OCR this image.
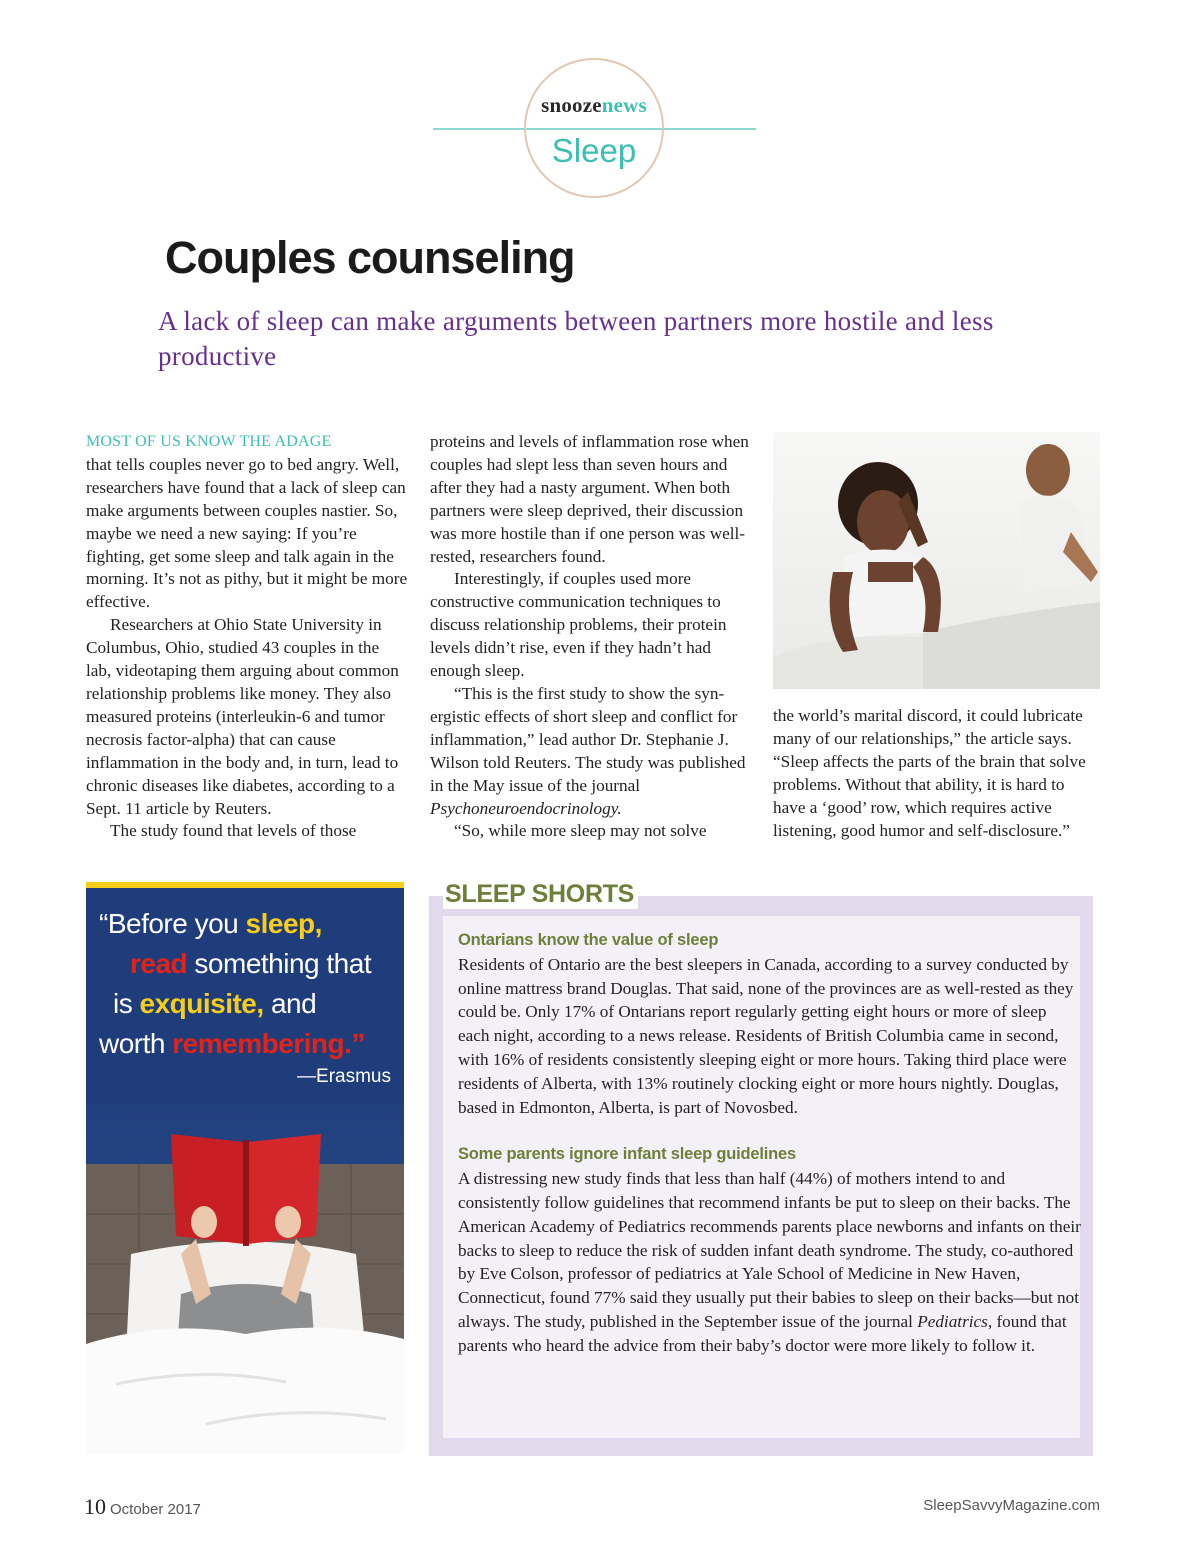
snoozenews
Sleep
Couples counseling
A lack of sleep can make arguments between partners more hostile and less productive
MOST OF US KNOW THE ADAGE

that tells couples never go to bed angry. Well, researchers have found that a lack of sleep can make arguments between couples nastier. So, maybe we need a new saying: If you’re fighting, get some sleep and talk again in the morning. It’s not as pithy, but it might be more effective.

Researchers at Ohio State University in Columbus, Ohio, studied 43 couples in the lab, videotaping them arguing about common relationship problems like money. They also measured proteins (interleukin-6 and tumor necrosis factor-alpha) that can cause inflammation in the body and, in turn, lead to chronic diseases like diabetes, according to a Sept. 11 article by Reuters.

The study found that levels of those

proteins and levels of inflammation rose when couples had slept less than seven hours and after they had a nasty argument. When both partners were sleep deprived, their discussion was more hostile than if one person was well-rested, researchers found.

Interestingly, if couples used more constructive communication techniques to discuss relationship problems, their protein levels didn’t rise, even if they hadn’t had enough sleep.

“This is the first study to show the synergistic effects of short sleep and conflict for inflammation,” lead author Dr. Stephanie J. Wilson told Reuters. The study was published in the May issue of the journal

Psychoneuroendocrinology.

“So, while more sleep may not solve

the world’s marital discord, it could lubricate many of our relationships,” the article says. “Sleep affects the parts of the brain that solve problems. Without that ability, it is hard to have a ‘good’ row, which requires active listening, good humor and self-disclosure.”

“Before you sleep,
read something that
is exquisite, and
worth remembering.”
—Erasmus
SLEEP SHORTS
Ontarians know the value of sleep
Residents of Ontario are the best sleepers in Canada, according to a survey conducted by online mattress brand Douglas. That said, none of the provinces are as well-rested as they could be. Only 17% of Ontarians report regularly getting eight hours or more of sleep each night, according to a news release. Residents of British Columbia came in second, with 16% of residents consistently sleeping eight or more hours. Taking third place were residents of Alberta, with 13% routinely clocking eight or more hours nightly. Douglas, based in Edmonton, Alberta, is part of Novosbed.
Some parents ignore infant sleep guidelines
A distressing new study finds that less than half (44%) of mothers intend to and consistently follow guidelines that recommend infants be put to sleep on their backs. The American Academy of Pediatrics recommends parents place newborns and infants on their backs to sleep to reduce the risk of sudden infant death syndrome. The study, co-authored by Eve Colson, professor of pediatrics at Yale School of Medicine in New Haven, Connecticut, found 77% said they usually put their babies to sleep on their backs—but not always. The study, published in the September issue of the journal Pediatrics, found that parents who heard the advice from their baby’s doctor were more likely to follow it.
10 October 2017	SleepSavvyMagazine.com
